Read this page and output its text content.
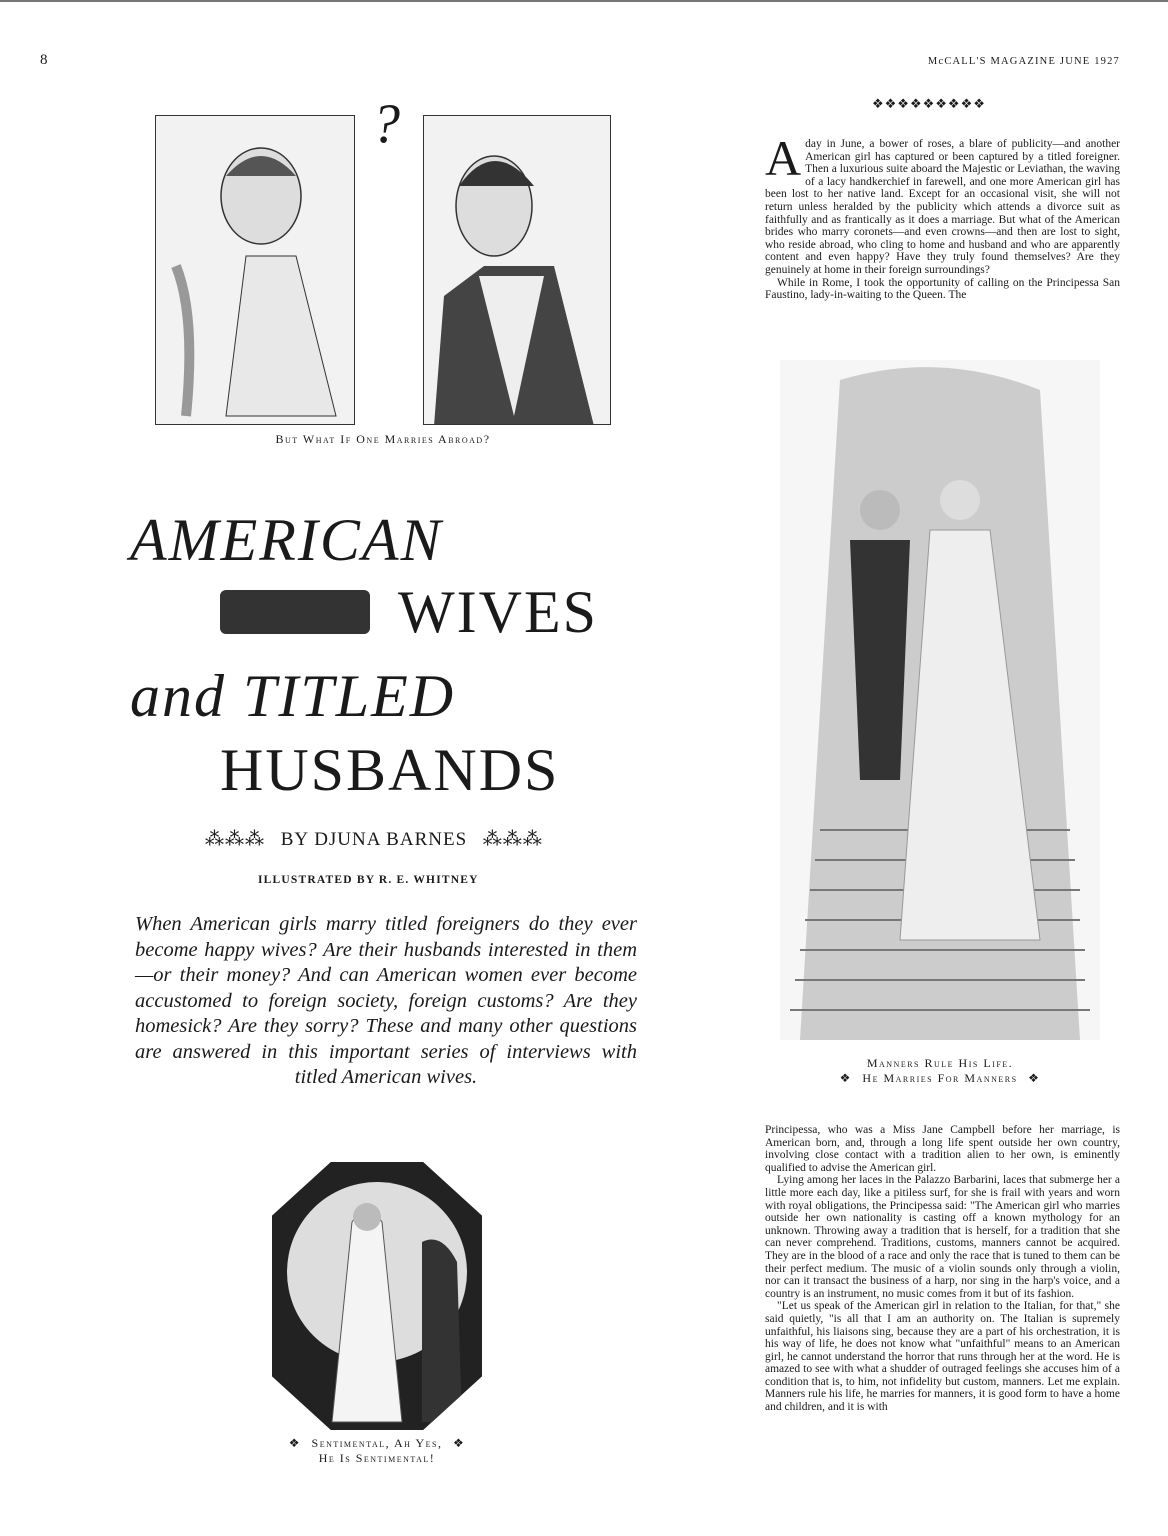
8	McCALL'S MAGAZINE JUNE 1927
❖❖❖❖❖❖❖❖❖
?
But What If One Marries Abroad?
AMERICAN
WIVES
and TITLED
HUSBANDS
⁂⁂⁂ BY DJUNA BARNES ⁂⁂⁂
ILLUSTRATED BY R. E. WHITNEY
When American girls marry titled foreigners do they ever become happy wives? Are their husbands interested in them—or their money? And can American women ever become accustomed to foreign society, foreign customs? Are they homesick? Are they sorry? These and many other questions are answered in this important series of interviews with titled American wives.
❖ Sentimental, Ah Yes, ❖
He Is Sentimental!
A day in June, a bower of roses, a blare of publicity—and another American girl has captured or been captured by a titled foreigner. Then a luxurious suite aboard the Majestic or Leviathan, the waving of a lacy handkerchief in farewell, and one more American girl has been lost to her native land. Except for an occasional visit, she will not return unless heralded by the publicity which attends a divorce suit as faithfully and as frantically as it does a marriage. But what of the American brides who marry coronets—and even crowns—and then are lost to sight, who reside abroad, who cling to home and husband and who are apparently content and even happy? Have they truly found themselves? Are they genuinely at home in their foreign surroundings?

While in Rome, I took the opportunity of calling on the Principessa San Faustino, lady-in-waiting to the Queen. The

Manners Rule His Life.
❖ He Marries For Manners ❖

Principessa, who was a Miss Jane Campbell before her marriage, is American born, and, through a long life spent outside her own country, involving close contact with a tradition alien to her own, is eminently qualified to advise the American girl.

Lying among her laces in the Palazzo Barbarini, laces that submerge her a little more each day, like a pitiless surf, for she is frail with years and worn with royal obligations, the Principessa said: "The American girl who marries outside her own nationality is casting off a known mythology for an unknown. Throwing away a tradition that is herself, for a tradition that she can never comprehend. Traditions, customs, manners cannot be acquired. They are in the blood of a race and only the race that is tuned to them can be their perfect medium. The music of a violin sounds only through a violin, nor can it transact the business of a harp, nor sing in the harp's voice, and a country is an instrument, no music comes from it but of its fashion.

"Let us speak of the American girl in relation to the Italian, for that," she said quietly, "is all that I am an authority on. The Italian is supremely unfaithful, his liaisons sing, because they are a part of his orchestration, it is his way of life, he does not know what "unfaithful" means to an American girl, he cannot understand the horror that runs through her at the word. He is amazed to see with what a shudder of outraged feelings she accuses him of a condition that is, to him, not infidelity but custom, manners. Let me explain. Manners rule his life, he marries for manners, it is good form to have a home and children, and it is with
